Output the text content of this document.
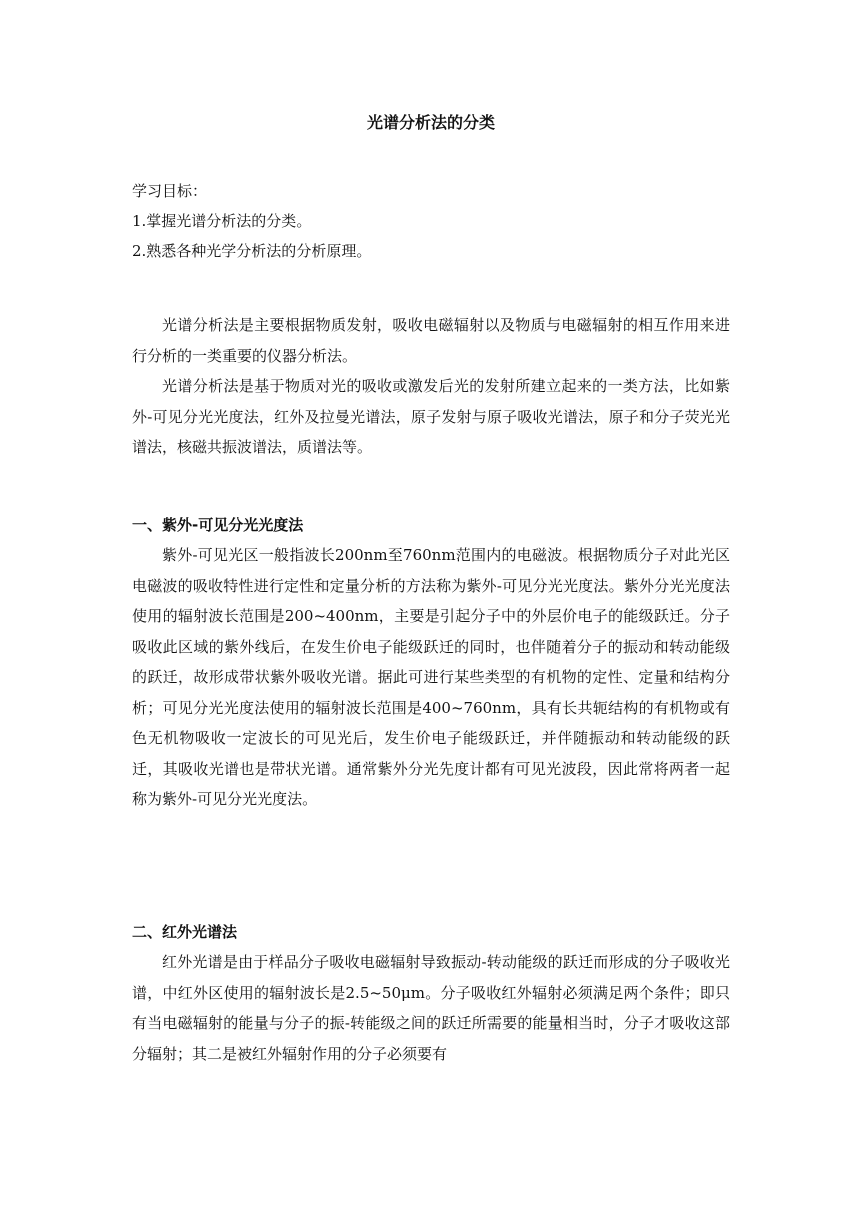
光谱分析法的分类
学习目标：
1.掌握光谱分析法的分类。
2.熟悉各种光学分析法的分析原理。

光谱分析法是主要根据物质发射，吸收电磁辐射以及物质与电磁辐射的相互作用来进行分析的一类重要的仪器分析法。

光谱分析法是基于物质对光的吸收或激发后光的发射所建立起来的一类方法，比如紫外-可见分光光度法，红外及拉曼光谱法，原子发射与原子吸收光谱法，原子和分子荧光光谱法，核磁共振波谱法，质谱法等。

一、紫外-可见分光光度法

紫外-可见光区一般指波长200nm至760nm范围内的电磁波。根据物质分子对此光区电磁波的吸收特性进行定性和定量分析的方法称为紫外-可见分光光度法。紫外分光光度法使用的辐射波长范围是200~400nm，主要是引起分子中的外层价电子的能级跃迁。分子吸收此区域的紫外线后，在发生价电子能级跃迁的同时，也伴随着分子的振动和转动能级的跃迁，故形成带状紫外吸收光谱。据此可进行某些类型的有机物的定性、定量和结构分析；可见分光光度法使用的辐射波长范围是400~760nm，具有长共轭结构的有机物或有色无机物吸收一定波长的可见光后，发生价电子能级跃迁，并伴随振动和转动能级的跃迁，其吸收光谱也是带状光谱。通常紫外分光先度计都有可见光波段，因此常将两者一起称为紫外-可见分光光度法。

二、红外光谱法

红外光谱是由于样品分子吸收电磁辐射导致振动-转动能级的跃迁而形成的分子吸收光谱，中红外区使用的辐射波长是2.5~50μm。分子吸收红外辐射必须满足两个条件；即只有当电磁辐射的能量与分子的振-转能级之间的跃迁所需要的能量相当时，分子才吸收这部分辐射；其二是被红外辐射作用的分子必须要有
